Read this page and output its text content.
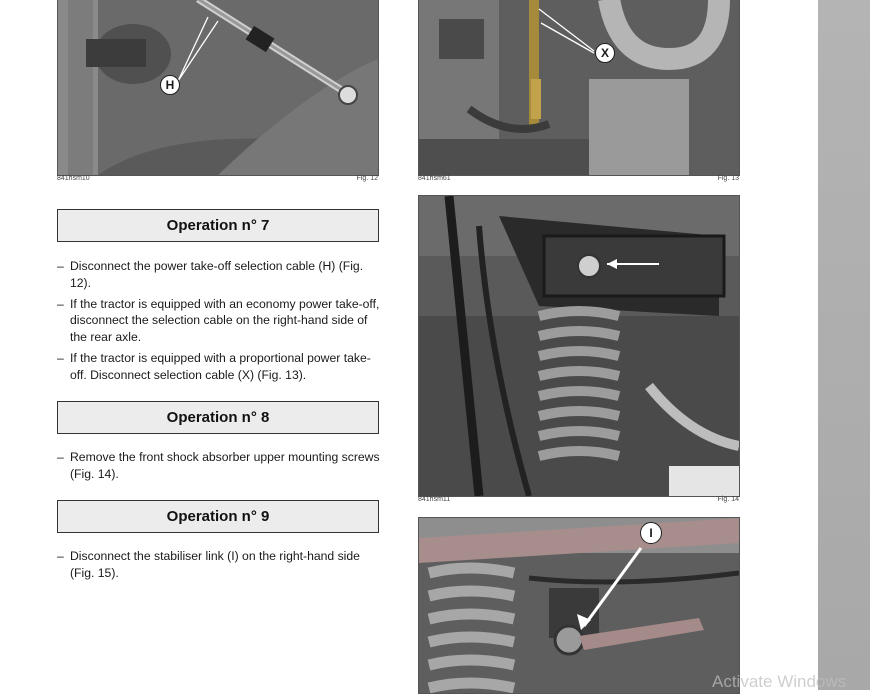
H
841hsm10	Fig. 12
X
841hsm61	Fig. 13
Operation n° 7
– Disconnect the power take-off selection cable (H) (Fig. 12).
– If the tractor is equipped with an economy power take-off, disconnect the selection cable on the right-hand side of the rear axle.
– If the tractor is equipped with a proportional power take-off. Disconnect selection cable (X) (Fig. 13).
Operation n° 8
– Remove the front shock absorber upper mounting screws (Fig. 14).
Operation n° 9
– Disconnect the stabiliser link (I) on the right-hand side (Fig. 15).
841hsm11	Fig. 14
I
Activate Windows
